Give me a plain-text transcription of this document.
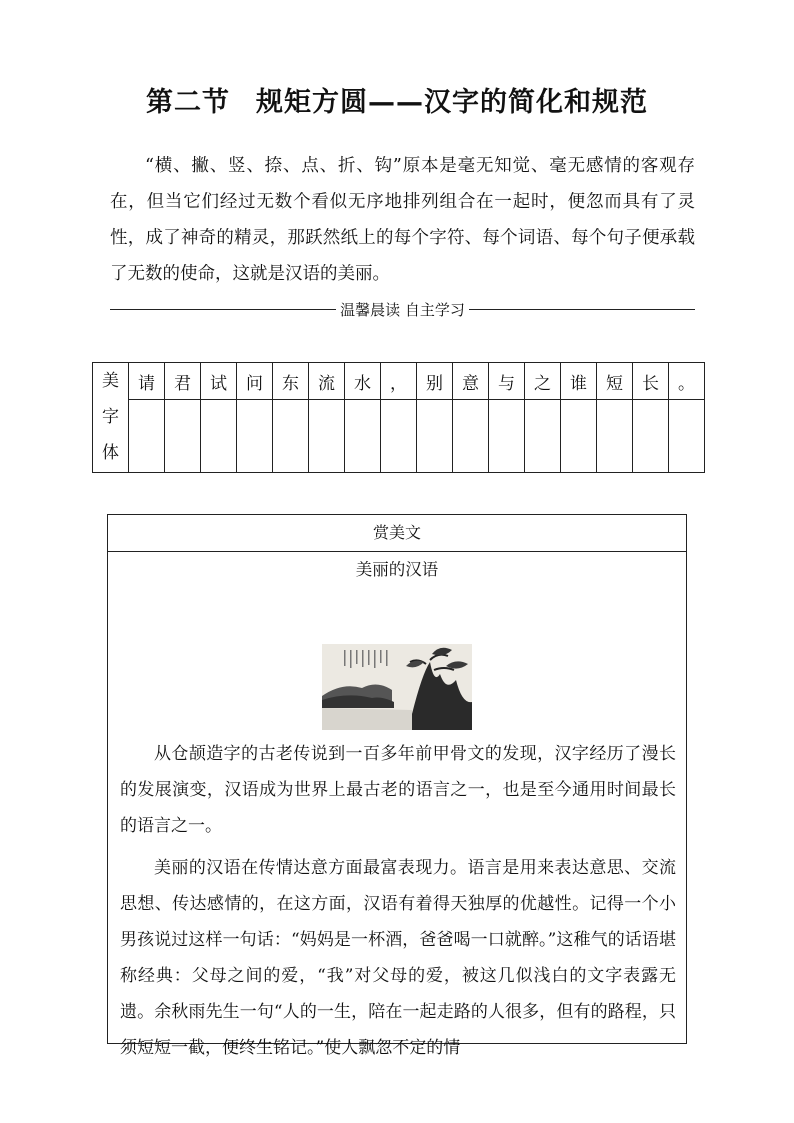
第二节 规矩方圆——汉字的简化和规范
“横、撇、竖、捺、点、折、钩”原本是毫无知觉、毫无感情的客观存在，但当它们经过无数个看似无序地排列组合在一起时，便忽而具有了灵性，成了神奇的精灵，那跃然纸上的每个字符、每个词语、每个句子便承载了无数的使命，这就是汉语的美丽。
温馨晨读 自主学习
美字体	请	君	试	问	东	流	水	，	别	意	与	之	谁	短	长	。

赏美文
美丽的汉语

从仓颉造字的古老传说到一百多年前甲骨文的发现，汉字经历了漫长的发展演变，汉语成为世界上最古老的语言之一，也是至今通用时间最长的语言之一。

美丽的汉语在传情达意方面最富表现力。语言是用来表达意思、交流思想、传达感情的，在这方面，汉语有着得天独厚的优越性。记得一个小男孩说过这样一句话：“妈妈是一杯酒，爸爸喝一口就醉。”这稚气的话语堪称经典：父母之间的爱，“我”对父母的爱，被这几似浅白的文字表露无遗。余秋雨先生一句“人的一生，陪在一起走路的人很多，但有的路程，只须短短一截，便终生铭记。”使人飘忽不定的情
